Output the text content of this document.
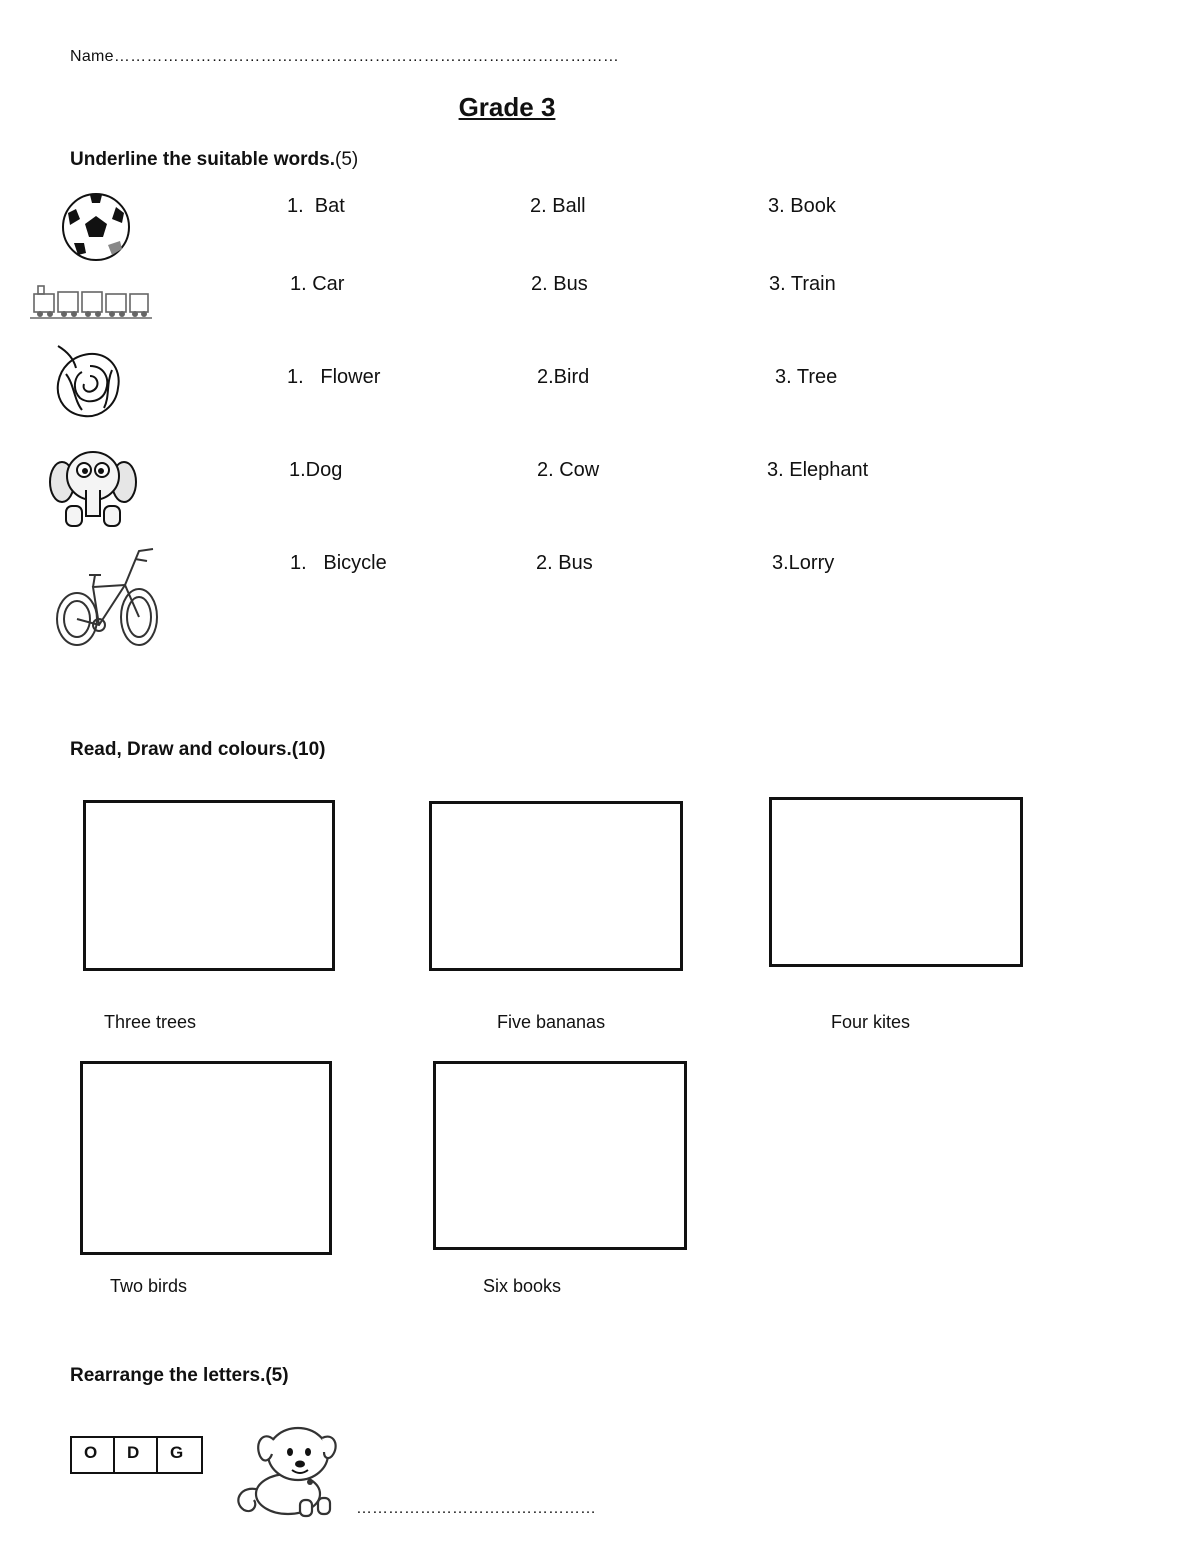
Name…………………………………………………………………………………
Grade 3
Underline the suitable words.(5)
1.  Bat	2. Ball	3. Book
1. Car	2. Bus	3. Train
1.   Flower	2.Bird	3. Tree
1.Dog	2. Cow	3. Elephant
1.   Bicycle	2. Bus	3.Lorry
Read, Draw and colours.(10)
Three trees	Five bananas	Four kites
Two birds	Six books
Rearrange the letters.(5)
O	D	G
………………………………………
